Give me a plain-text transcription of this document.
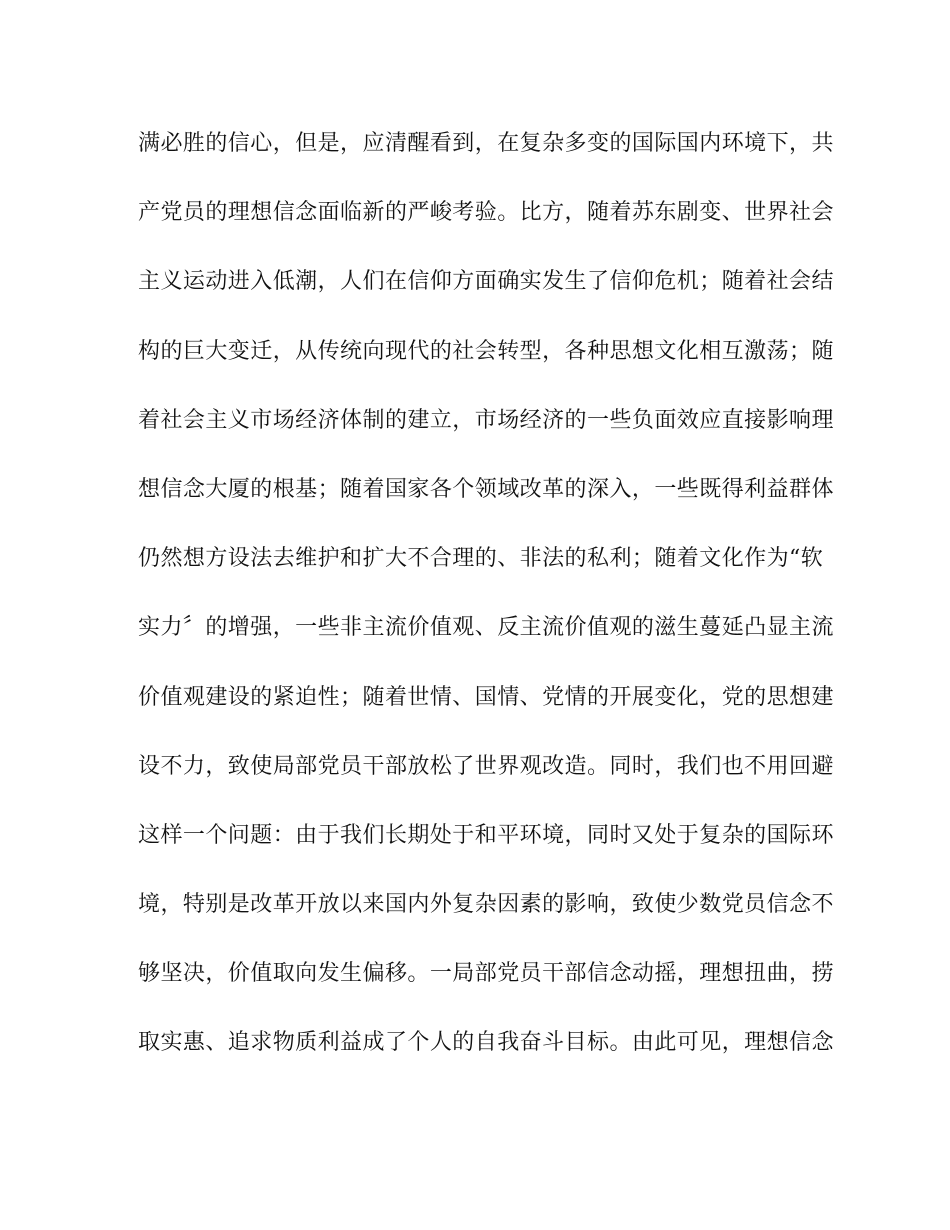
满必胜的信心，但是，应清醒看到，在复杂多变的国际国内环境下，共
产党员的理想信念面临新的严峻考验。比方，随着苏东剧变、世界社会
主义运动进入低潮，人们在信仰方面确实发生了信仰危机；随着社会结
构的巨大变迁，从传统向现代的社会转型，各种思想文化相互激荡；随
着社会主义市场经济体制的建立，市场经济的一些负面效应直接影响理
想信念大厦的根基；随着国家各个领域改革的深入，一些既得利益群体
仍然想方设法去维护和扩大不合理的、非法的私利；随着文化作为“软
实力〞的增强，一些非主流价值观、反主流价值观的滋生蔓延凸显主流
价值观建设的紧迫性；随着世情、国情、党情的开展变化，党的思想建
设不力，致使局部党员干部放松了世界观改造。同时，我们也不用回避
这样一个问题：由于我们长期处于和平环境，同时又处于复杂的国际环
境，特别是改革开放以来国内外复杂因素的影响，致使少数党员信念不
够坚决，价值取向发生偏移。一局部党员干部信念动摇，理想扭曲，捞
取实惠、追求物质利益成了个人的自我奋斗目标。由此可见，理想信念
